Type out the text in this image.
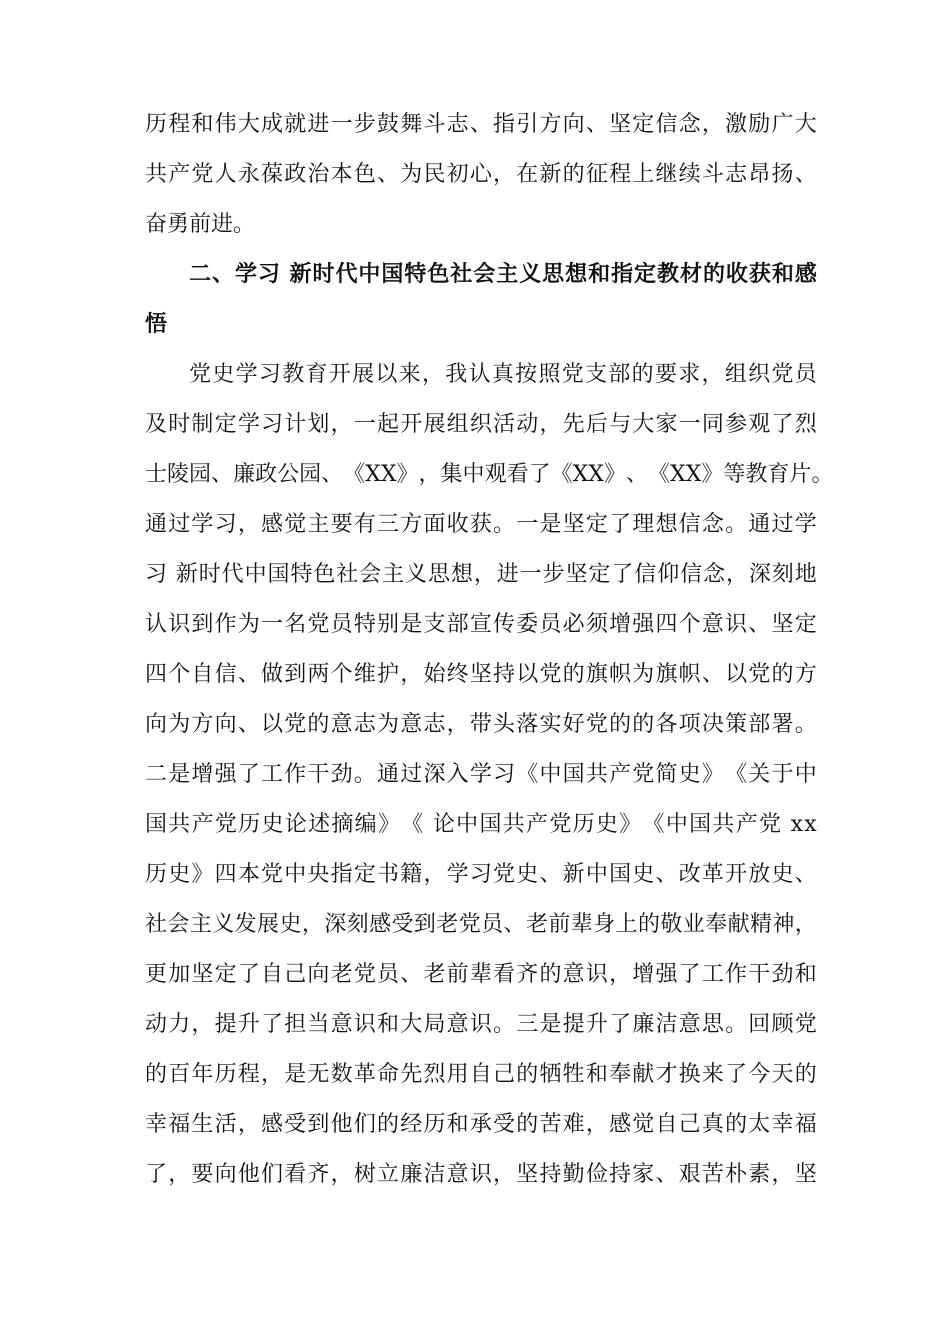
历 程 和 伟 大 成 就 进 一 步 鼓 舞 斗 志 、 指 引 方 向 、 坚 定 信 念 ， 激 励 广 大
共 产 党 人 永 葆 政 治 本 色 、 为 民 初 心 ， 在 新 的 征 程 上 继 续 斗 志 昂 扬 、
奋勇前进。
二 、 学 习
新 时 代 中 国 特 色 社 会 主 义 思 想 和 指 定 教 材 的 收 获 和 感
悟
党 史 学 习 教 育 开 展 以 来 ， 我 认 真 按 照 党 支 部 的 要 求 ， 组 织 党 员
及 时 制 定 学 习 计 划 ， 一 起 开 展 组 织 活 动 ， 先 后 与 大 家 一 同 参 观 了 烈
士 陵 园 、 廉 政 公 园 、 《 X X 》 ， 集 中 观 看 了 《 X X 》 、 《 X X 》 等 教 育 片 。
通 过 学 习 ， 感 觉 主 要 有 三 方 面 收 获 。 一 是 坚 定 了 理 想 信 念 。 通 过 学
习
新 时 代 中 国 特 色 社 会 主 义 思 想 ， 进 一 步 坚 定 了 信 仰 信 念 ， 深 刻 地
认 识 到 作 为 一 名 党 员 特 别 是 支 部 宣 传 委 员 必 须 增 强 四 个 意 识 、 坚 定
四 个 自 信 、 做 到 两 个 维 护 ， 始 终 坚 持 以 党 的 旗 帜 为 旗 帜 、 以 党 的 方
向 为 方 向 、 以 党 的 意 志 为 意 志 ， 带 头 落 实 好 党 的 的 各 项 决 策 部 署 。
二 是 增 强 了 工 作 干 劲 。 通 过 深 入 学 习 《 中 国 共 产 党 简 史 》 《 关 于 中
国 共 产 党 历 史 论 述 摘 编 》 《
论 中 国 共 产 党 历 史 》 《 中 国 共 产 党
x x
历 史 》 四 本 党 中 央 指 定 书 籍 ， 学 习 党 史 、 新 中 国 史 、 改 革 开 放 史 、
社 会 主 义 发 展 史 ， 深 刻 感 受 到 老 党 员 、 老 前 辈 身 上 的 敬 业 奉 献 精 神 ，
更 加 坚 定 了 自 己 向 老 党 员 、 老 前 辈 看 齐 的 意 识 ， 增 强 了 工 作 干 劲 和
动 力 ， 提 升 了 担 当 意 识 和 大 局 意 识 。 三 是 提 升 了 廉 洁 意 思 。 回 顾 党
的 百 年 历 程 ， 是 无 数 革 命 先 烈 用 自 己 的 牺 牲 和 奉 献 才 换 来 了 今 天 的
幸 福 生 活 ， 感 受 到 他 们 的 经 历 和 承 受 的 苦 难 ， 感 觉 自 己 真 的 太 幸 福
了 ， 要 向 他 们 看 齐 ， 树 立 廉 洁 意 识 ， 坚 持 勤 俭 持 家 、 艰 苦 朴 素 ， 坚
